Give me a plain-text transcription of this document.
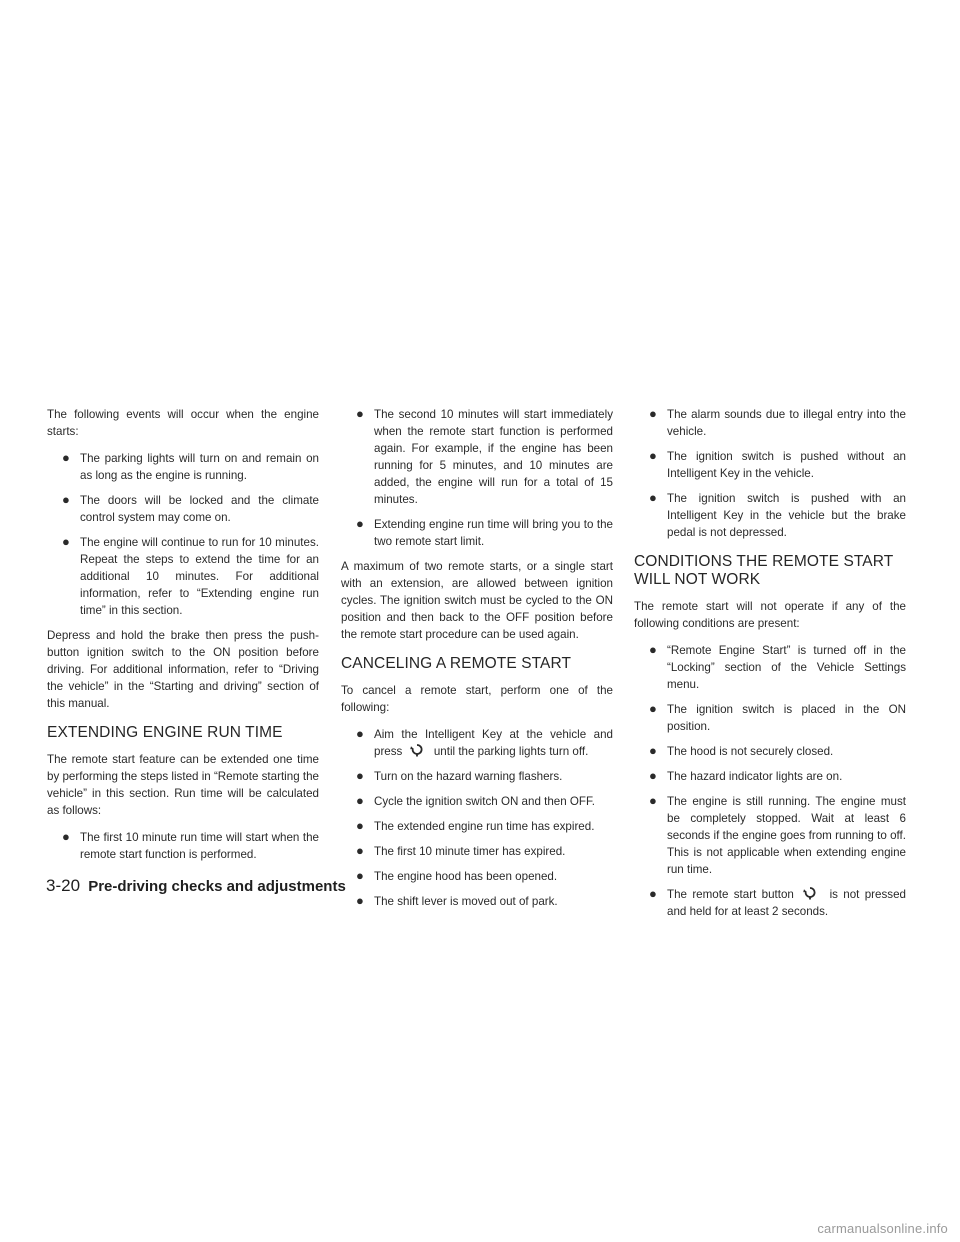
The following events will occur when the engine starts:

● The parking lights will turn on and remain on as long as the engine is running.
● The doors will be locked and the climate control system may come on.
● The engine will continue to run for 10 minutes. Repeat the steps to extend the time for an additional 10 minutes. For additional information, refer to “Extending engine run time” in this section.

Depress and hold the brake then press the push-button ignition switch to the ON position before driving. For additional information, refer to “Driving the vehicle” in the “Starting and driving” section of this manual.

EXTENDING ENGINE RUN TIME

The remote start feature can be extended one time by performing the steps listed in “Remote starting the vehicle” in this section. Run time will be calculated as follows:

● The first 10 minute run time will start when the remote start function is performed.
● The second 10 minutes will start immediately when the remote start function is performed again. For example, if the engine has been running for 5 minutes, and 10 minutes are added, the engine will run for a total of 15 minutes.
● Extending engine run time will bring you to the two remote start limit.

A maximum of two remote starts, or a single start with an extension, are allowed between ignition cycles. The ignition switch must be cycled to the ON position and then back to the OFF position before the remote start procedure can be used again.

CANCELING A REMOTE START

To cancel a remote start, perform one of the following:

● Aim the Intelligent Key at the vehicle and press	until the parking lights turn off.
● Turn on the hazard warning flashers.
● Cycle the ignition switch ON and then OFF.
● The extended engine run time has expired.
● The first 10 minute timer has expired.
● The engine hood has been opened.
● The shift lever is moved out of park.
● The alarm sounds due to illegal entry into the vehicle.
● The ignition switch is pushed without an Intelligent Key in the vehicle.
● The ignition switch is pushed with an Intelligent Key in the vehicle but the brake pedal is not depressed.
CONDITIONS THE REMOTE START
WILL NOT WORK

The remote start will not operate if any of the following conditions are present:

● “Remote Engine Start” is turned off in the “Locking” section of the Vehicle Settings menu.
● The ignition switch is placed in the ON position.
● The hood is not securely closed.
● The hazard indicator lights are on.
● The engine is still running. The engine must be completely stopped. Wait at least 6 seconds if the engine goes from running to off. This is not applicable when extending engine run time.
● The remote start button	is not pressed and held for at least 2 seconds.
3-20 Pre-driving checks and adjustments
carmanualsonline.info
